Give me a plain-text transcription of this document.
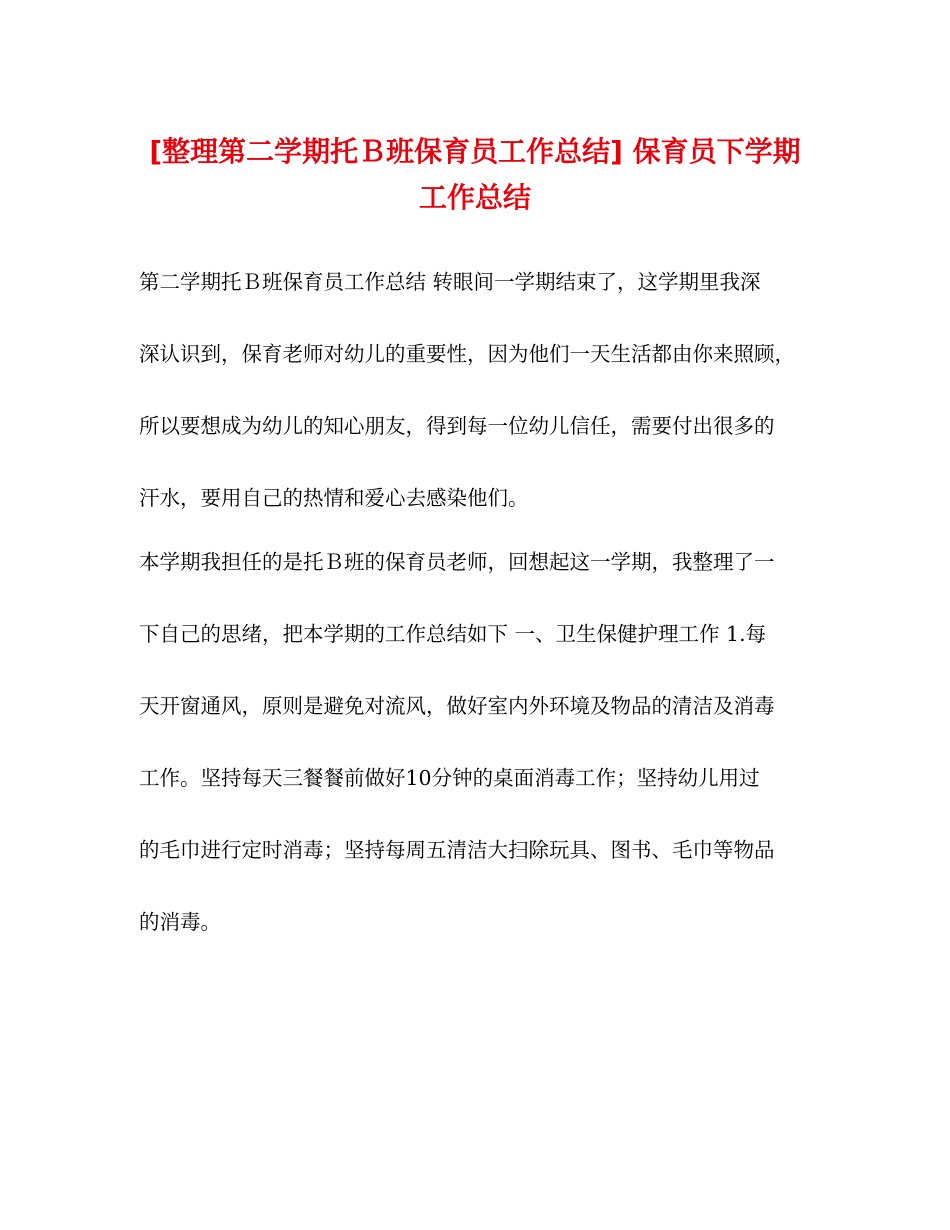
[整理第二学期托Ｂ班保育员工作总结] 保育员下学期
工作总结

第二学期托Ｂ班保育员工作总结 转眼间一学期结束了，这学期里我深

深认识到，保育老师对幼儿的重要性，因为他们一天生活都由你来照顾，

所以要想成为幼儿的知心朋友，得到每一位幼儿信任，需要付出很多的

汗水，要用自己的热情和爱心去感染他们。

本学期我担任的是托Ｂ班的保育员老师，回想起这一学期，我整理了一

下自己的思绪，把本学期的工作总结如下 一、卫生保健护理工作 1.每

天开窗通风，原则是避免对流风，做好室内外环境及物品的清洁及消毒

工作。坚持每天三餐餐前做好10分钟的桌面消毒工作；坚持幼儿用过

的毛巾进行定时消毒；坚持每周五清洁大扫除玩具、图书、毛巾等物品

的消毒。
